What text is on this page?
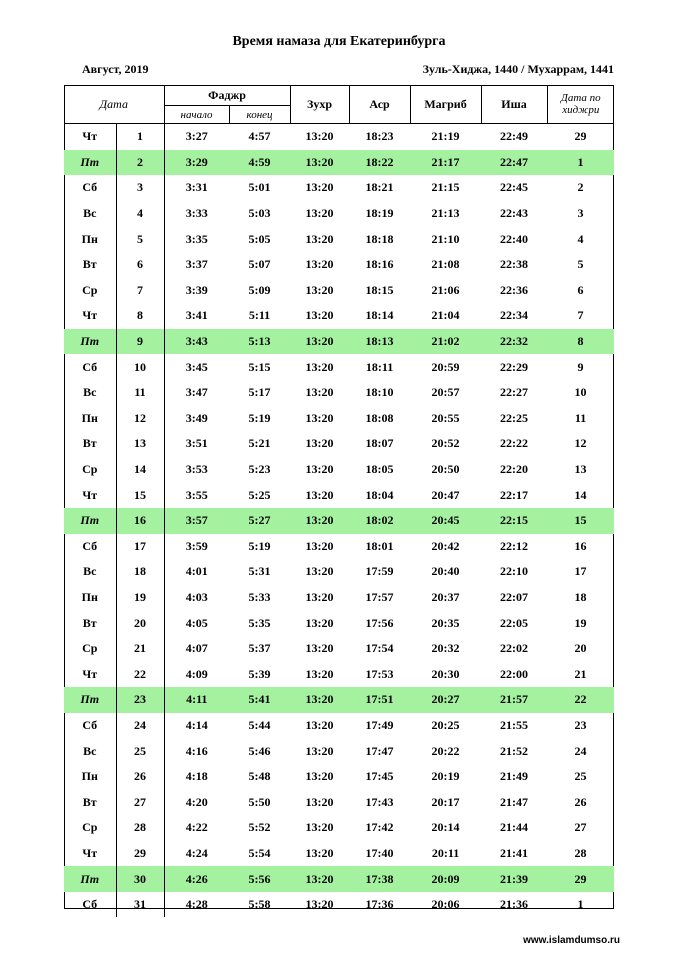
Время намаза для Екатеринбурга
Август, 2019	Зуль-Хиджа, 1440 / Мухаррам, 1441
Дата		Фаджр		Зухр	Аср	Магриб	Иша	Дата по
хиджри
		начало	конец					
Чт	1	3:27	4:57	13:20	18:23	21:19	22:49	29
Пт	2	3:29	4:59	13:20	18:22	21:17	22:47	1
Сб	3	3:31	5:01	13:20	18:21	21:15	22:45	2
Вс	4	3:33	5:03	13:20	18:19	21:13	22:43	3
Пн	5	3:35	5:05	13:20	18:18	21:10	22:40	4
Вт	6	3:37	5:07	13:20	18:16	21:08	22:38	5
Ср	7	3:39	5:09	13:20	18:15	21:06	22:36	6
Чт	8	3:41	5:11	13:20	18:14	21:04	22:34	7
Пт	9	3:43	5:13	13:20	18:13	21:02	22:32	8
Сб	10	3:45	5:15	13:20	18:11	20:59	22:29	9
Вс	11	3:47	5:17	13:20	18:10	20:57	22:27	10
Пн	12	3:49	5:19	13:20	18:08	20:55	22:25	11
Вт	13	3:51	5:21	13:20	18:07	20:52	22:22	12
Ср	14	3:53	5:23	13:20	18:05	20:50	22:20	13
Чт	15	3:55	5:25	13:20	18:04	20:47	22:17	14
Пт	16	3:57	5:27	13:20	18:02	20:45	22:15	15
Сб	17	3:59	5:19	13:20	18:01	20:42	22:12	16
Вс	18	4:01	5:31	13:20	17:59	20:40	22:10	17
Пн	19	4:03	5:33	13:20	17:57	20:37	22:07	18
Вт	20	4:05	5:35	13:20	17:56	20:35	22:05	19
Ср	21	4:07	5:37	13:20	17:54	20:32	22:02	20
Чт	22	4:09	5:39	13:20	17:53	20:30	22:00	21
Пт	23	4:11	5:41	13:20	17:51	20:27	21:57	22
Сб	24	4:14	5:44	13:20	17:49	20:25	21:55	23
Вс	25	4:16	5:46	13:20	17:47	20:22	21:52	24
Пн	26	4:18	5:48	13:20	17:45	20:19	21:49	25
Вт	27	4:20	5:50	13:20	17:43	20:17	21:47	26
Ср	28	4:22	5:52	13:20	17:42	20:14	21:44	27
Чт	29	4:24	5:54	13:20	17:40	20:11	21:41	28
Пт	30	4:26	5:56	13:20	17:38	20:09	21:39	29
Сб	31	4:28	5:58	13:20	17:36	20:06	21:36	1
www.islamdumso.ru
